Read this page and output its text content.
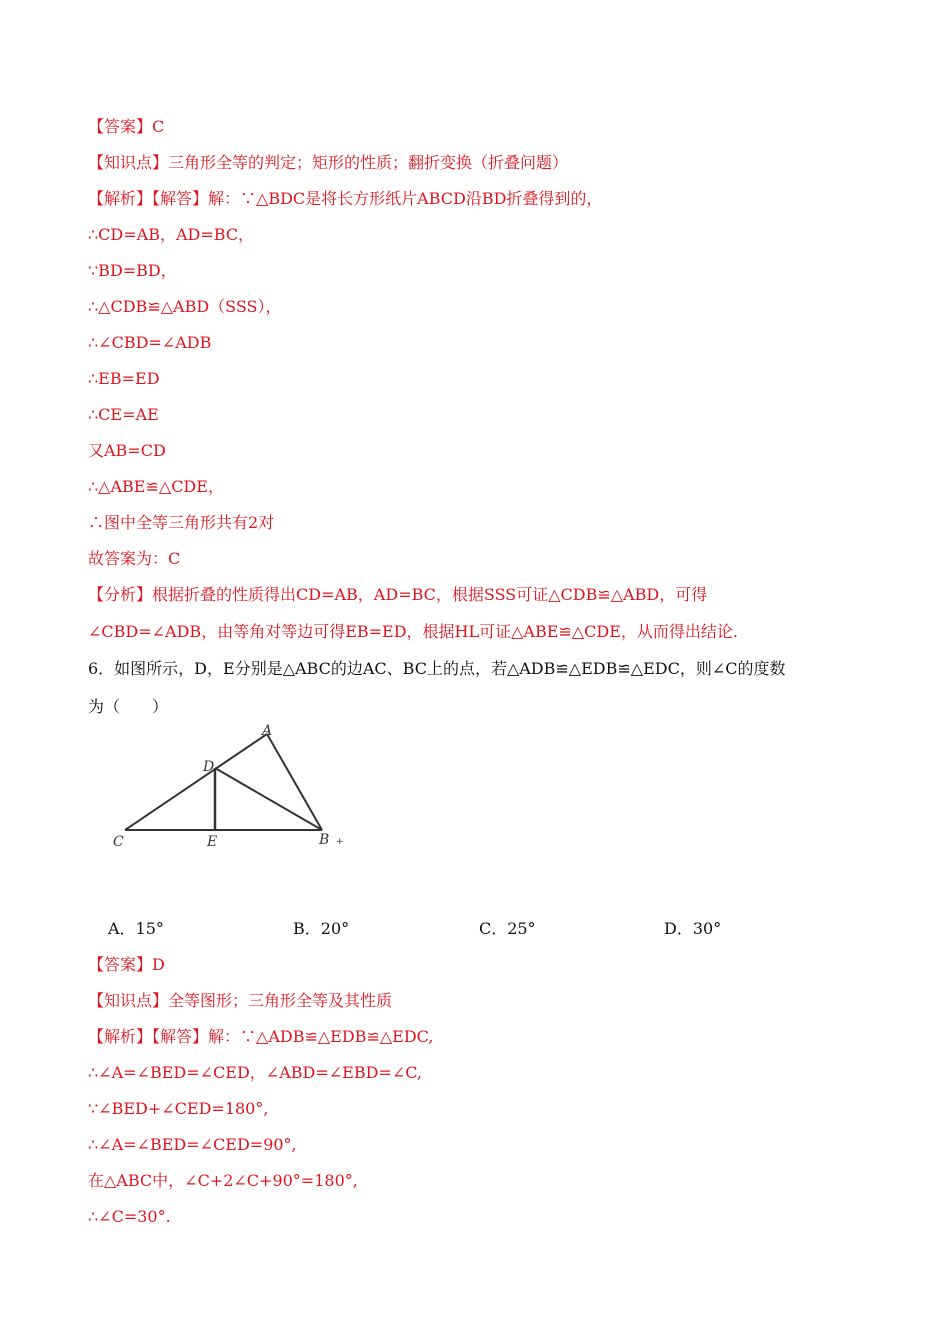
【答案】C
【知识点】三角形全等的判定；矩形的性质；翻折变换（折叠问题）
【解析】【解答】解：∵△BDC是将长方形纸片ABCD沿BD折叠得到的，
∴CD=AB，AD=BC，
∵BD=BD，
∴△CDB≌△ABD（SSS），
∴∠CBD=∠ADB
∴EB=ED
∴CE=AE
又AB=CD
∴△ABE≌△CDE，
∴图中全等三角形共有2对
故答案为：C
【分析】根据折叠的性质得出CD=AB，AD=BC，根据SSS可证△CDB≌△ABD，可得
∠CBD=∠ADB，由等角对等边可得EB=ED，根据HL可证△ABE≌△CDE，从而得出结论.
6．如图所示，D，E分别是△ABC的边AC、BC上的点，若△ADB≌△EDB≌△EDC，则∠C的度数
为（　　）
A
D
C	E	B +
A．15°	B．20°	C．25°	D．30°
【答案】D
【知识点】全等图形；三角形全等及其性质
【解析】【解答】解：∵△ADB≌△EDB≌△EDC,
∴∠A=∠BED=∠CED，∠ABD=∠EBD=∠C,
∵∠BED+∠CED=180°,
∴∠A=∠BED=∠CED=90°,
在△ABC中，∠C+2∠C+90°=180°,
∴∠C=30°.
